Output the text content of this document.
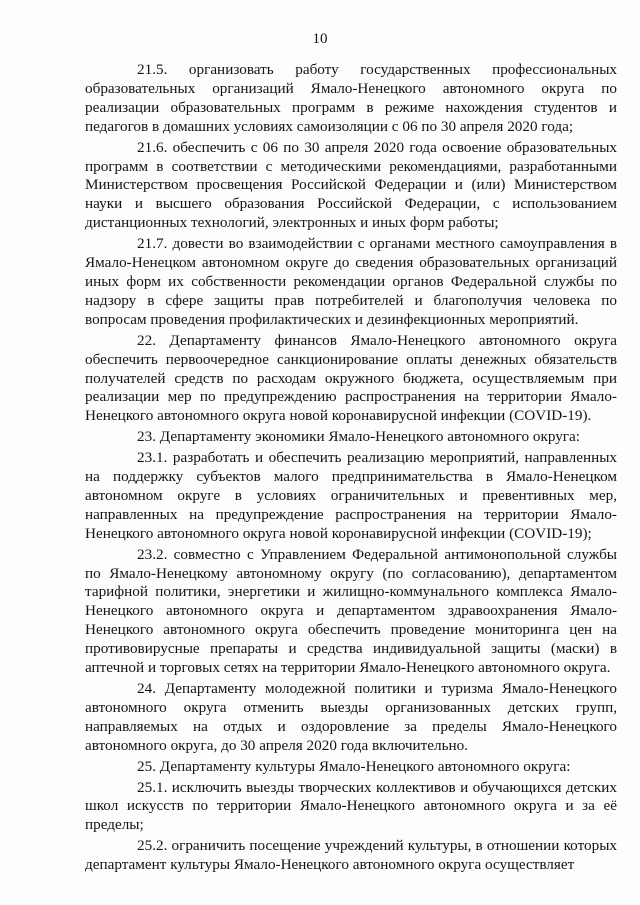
10

21.5. организовать работу государственных профессиональных образовательных организаций Ямало-Ненецкого автономного округа по реализации образовательных программ в режиме нахождения студентов и педагогов в домашних условиях самоизоляции с 06 по 30 апреля 2020 года;

21.6. обеспечить с 06 по 30 апреля 2020 года освоение образовательных программ в соответствии с методическими рекомендациями, разработанными Министерством просвещения Российской Федерации и (или) Министерством науки и высшего образования Российской Федерации, с использованием дистанционных технологий, электронных и иных форм работы;

21.7. довести во взаимодействии с органами местного самоуправления в Ямало-Ненецком автономном округе до сведения образовательных организаций иных форм их собственности рекомендации органов Федеральной службы по надзору в сфере защиты прав потребителей и благополучия человека по вопросам проведения профилактических и дезинфекционных мероприятий.

22. Департаменту финансов Ямало-Ненецкого автономного округа обеспечить первоочередное санкционирование оплаты денежных обязательств получателей средств по расходам окружного бюджета, осуществляемым при реализации мер по предупреждению распространения на территории Ямало-Ненецкого автономного округа новой коронавирусной инфекции (COVID-19).

23. Департаменту экономики Ямало-Ненецкого автономного округа:

23.1. разработать и обеспечить реализацию мероприятий, направленных на поддержку субъектов малого предпринимательства в Ямало-Ненецком автономном округе в условиях ограничительных и превентивных мер, направленных на предупреждение распространения на территории Ямало-Ненецкого автономного округа новой коронавирусной инфекции (COVID-19);

23.2. совместно с Управлением Федеральной антимонопольной службы по Ямало-Ненецкому автономному округу (по согласованию), департаментом тарифной политики, энергетики и жилищно-коммунального комплекса Ямало-Ненецкого автономного округа и департаментом здравоохранения Ямало-Ненецкого автономного округа обеспечить проведение мониторинга цен на противовирусные препараты и средства индивидуальной защиты (маски) в аптечной и торговых сетях на территории Ямало-Ненецкого автономного округа.

24. Департаменту молодежной политики и туризма Ямало-Ненецкого автономного округа отменить выезды организованных детских групп, направляемых на отдых и оздоровление за пределы Ямало-Ненецкого автономного округа, до 30 апреля 2020 года включительно.

25. Департаменту культуры Ямало-Ненецкого автономного округа:

25.1. исключить выезды творческих коллективов и обучающихся детских школ искусств по территории Ямало-Ненецкого автономного округа и за её пределы;

25.2. ограничить посещение учреждений культуры, в отношении которых департамент культуры Ямало-Ненецкого автономного округа осуществляет
